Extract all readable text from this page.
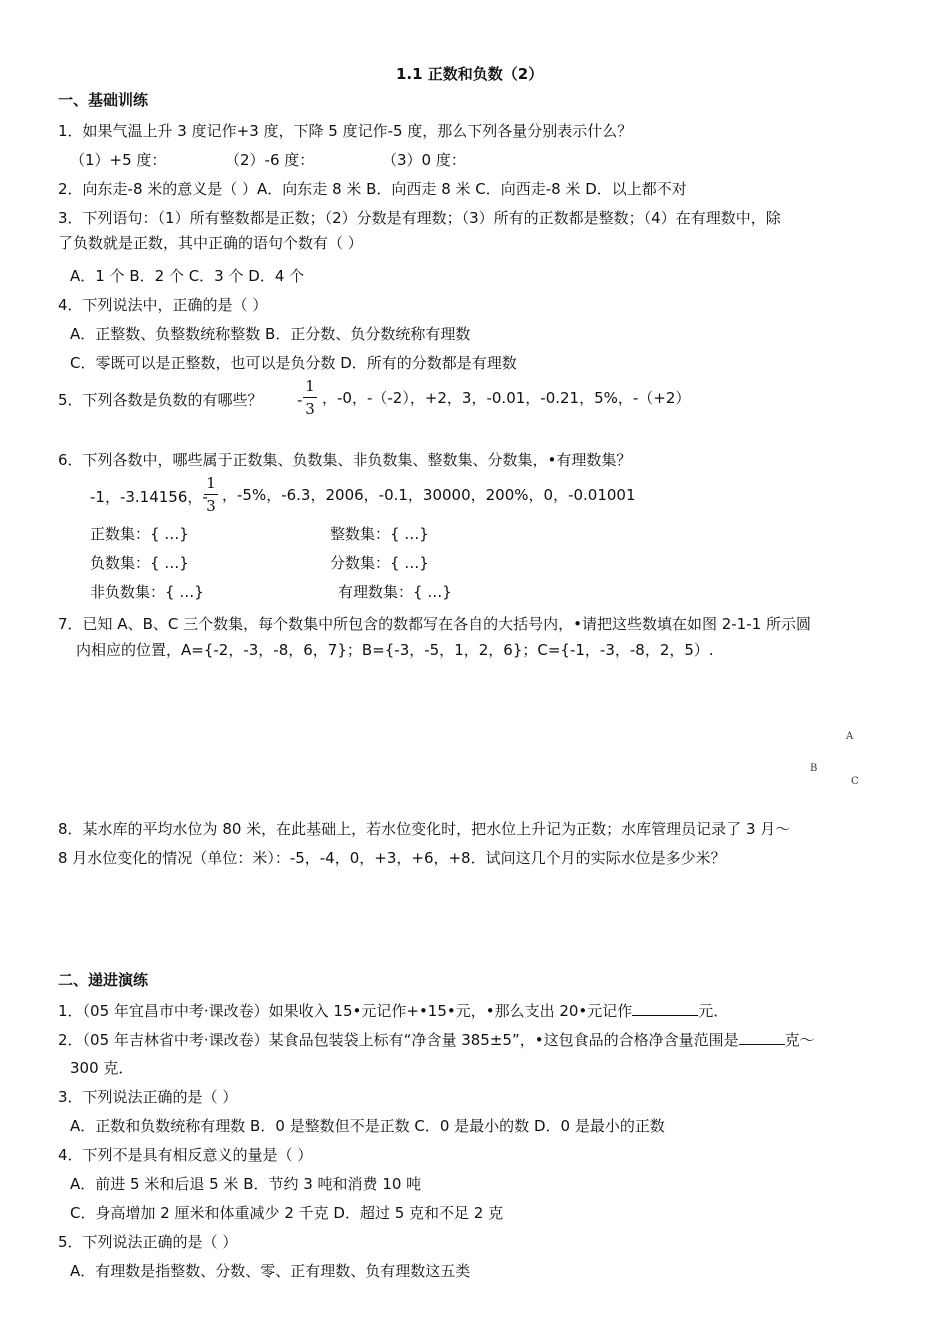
1.1 正数和负数（2）
一、基础训练
1．如果气温上升 3 度记作+3 度，下降 5 度记作-5 度，那么下列各量分别表示什么？
（1）+5 度：	（2）-6 度：	（3）0 度：
2．向东走-8 米的意义是（ ）A．向东走 8 米 B．向西走 8 米 C．向西走-8 米 D．以上都不对
3．下列语句：（1）所有整数都是正数；（2）分数是有理数；（3）所有的正数都是整数；（4）在有理数中，除
了负数就是正数，其中正确的语句个数有（ ）
A．1 个 B．2 个 C．3 个 D．4 个
4．下列说法中，正确的是（ ）
A．正整数、负整数统称整数 B．正分数、负分数统称有理数
C．零既可以是正整数，也可以是负分数 D．所有的分数都是有理数
5．下列各数是负数的有哪些？ -
1
3
，-0，-（-2），+2，3，-0.01，-0.21，5%，-（+2）
6．下列各数中，哪些属于正数集、负数集、非负数集、整数集、分数集，•有理数集？
-1，-3.14156，-
1
3
，-5%，-6.3，2006，-0.1，30000，200%，0，-0.01001
正数集：{ …}	整数集：{ …}
负数集：{ …}	分数集：{ …}
非负数集：{ …}	有理数集：{ …}
7．已知 A、B、C 三个数集，每个数集中所包含的数都写在各自的大括号内，•请把这些数填在如图 2-1-1 所示圆
内相应的位置，A={-2，-3，-8，6，7}；B={-3，-5，1，2，6}；C={-1，-3，-8，2，5）.
A
B
C
8．某水库的平均水位为 80 米，在此基础上，若水位变化时，把水位上升记为正数；水库管理员记录了 3 月～
8 月水位变化的情况（单位：米）：-5，-4，0，+3，+6，+8．试问这几个月的实际水位是多少米？
二、递进演练
1．（05 年宜昌市中考·课改卷）如果收入 15•元记作+•15•元，•那么支出 20•元记作	元．
2．（05 年吉林省中考·课改卷）某食品包装袋上标有“净含量 385±5”，•这包食品的合格净含量范围是	克～
300 克．
3．下列说法正确的是（ ）
A．正数和负数统称有理数 B．0 是整数但不是正数 C．0 是最小的数 D．0 是最小的正数
4．下列不是具有相反意义的量是（ ）
A．前进 5 米和后退 5 米 B．节约 3 吨和消费 10 吨
C．身高增加 2 厘米和体重减少 2 千克 D．超过 5 克和不足 2 克
5．下列说法正确的是（ ）
A．有理数是指整数、分数、零、正有理数、负有理数这五类
